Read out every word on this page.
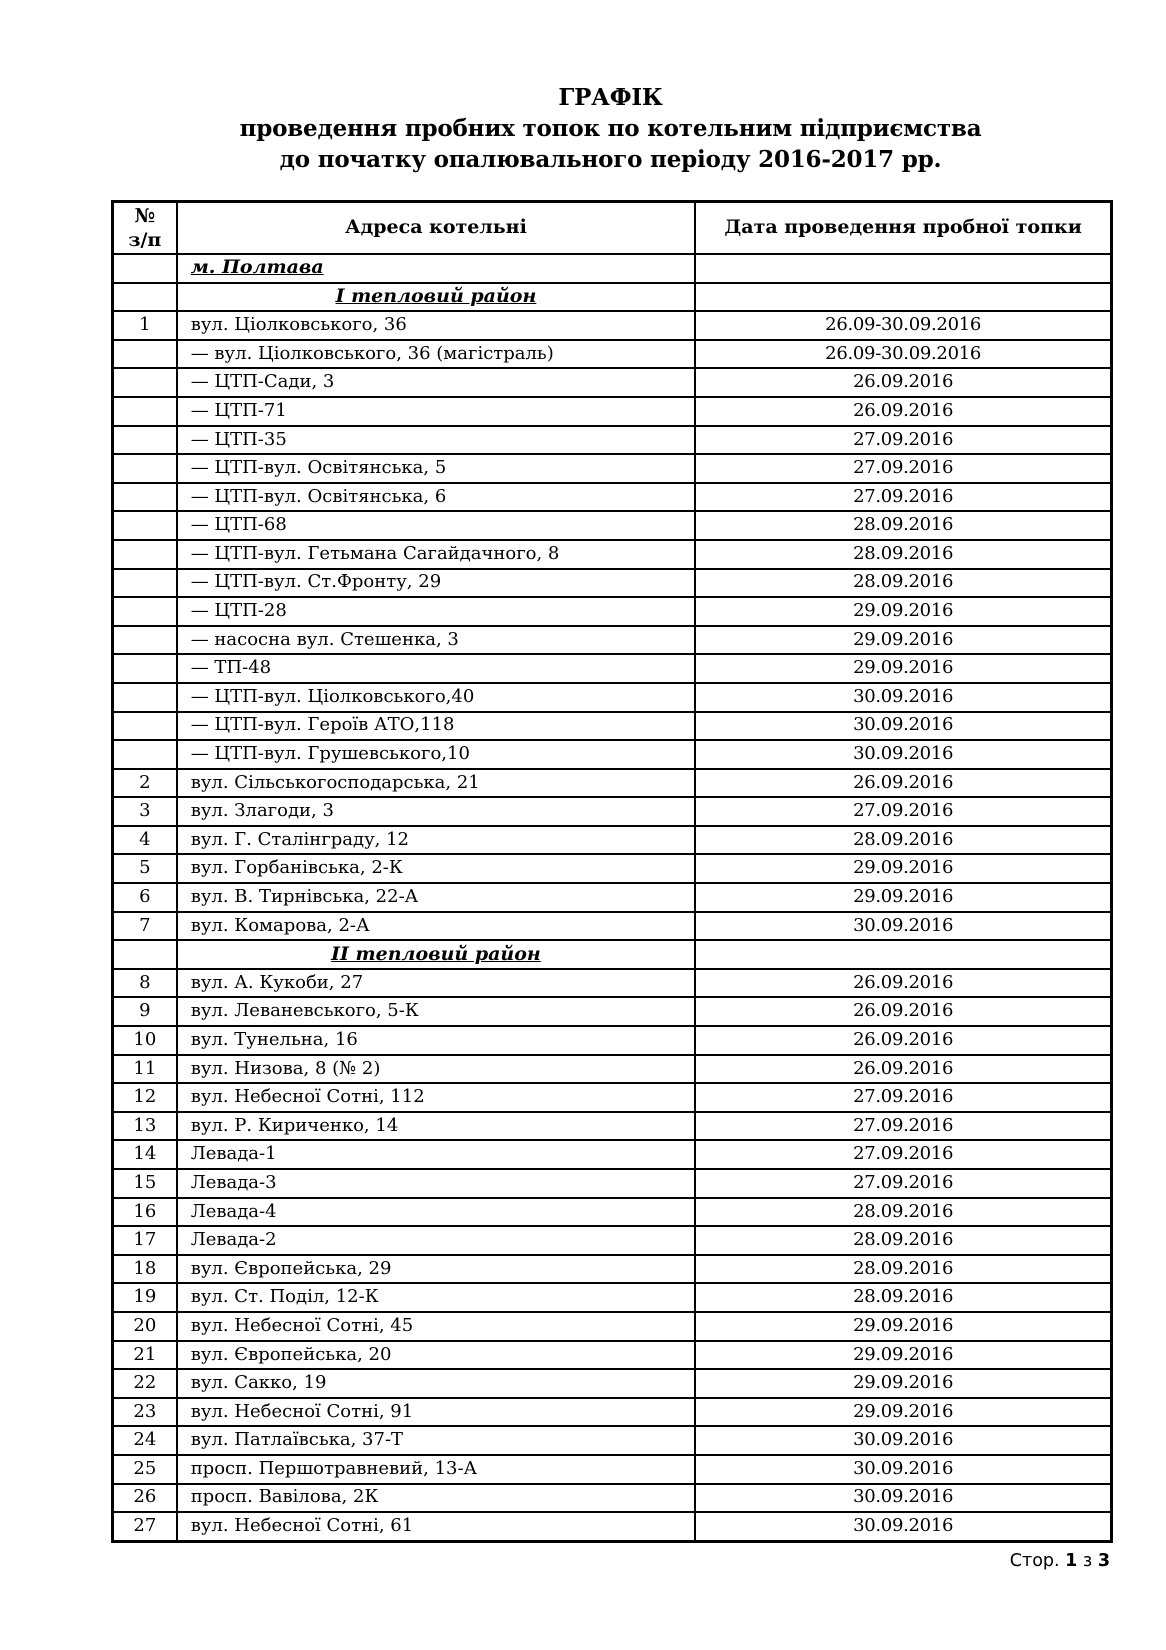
ГРАФІК
проведення пробних топок по котельним підприємства
до початку опалювального періоду 2016-2017 рр.
№
з/п	Адреса котельні	Дата проведення пробної топки
	м. Полтава	
	І тепловий район	
1	вул. Ціолковського, 36	26.09-30.09.2016
	— вул. Ціолковського, 36 (магістраль)	26.09-30.09.2016
	— ЦТП-Сади, 3	26.09.2016
	— ЦТП-71	26.09.2016
	— ЦТП-35	27.09.2016
	— ЦТП-вул. Освітянська, 5	27.09.2016
	— ЦТП-вул. Освітянська, 6	27.09.2016
	— ЦТП-68	28.09.2016
	— ЦТП-вул. Гетьмана Сагайдачного, 8	28.09.2016
	— ЦТП-вул. Ст.Фронту, 29	28.09.2016
	— ЦТП-28	29.09.2016
	— насосна вул. Стешенка, 3	29.09.2016
	— ТП-48	29.09.2016
	— ЦТП-вул. Ціолковського,40	30.09.2016
	— ЦТП-вул. Героїв АТО,118	30.09.2016
	— ЦТП-вул. Грушевського,10	30.09.2016
2	вул. Сільськогосподарська, 21	26.09.2016
3	вул. Злагоди, 3	27.09.2016
4	вул. Г. Сталінграду, 12	28.09.2016
5	вул. Горбанівська, 2-К	29.09.2016
6	вул. В. Тирнівська, 22-А	29.09.2016
7	вул. Комарова, 2-А	30.09.2016
	ІІ тепловий район	
8	вул. А. Кукоби, 27	26.09.2016
9	вул. Леваневського, 5-К	26.09.2016
10	вул. Тунельна, 16	26.09.2016
11	вул. Низова, 8 (№ 2)	26.09.2016
12	вул. Небесної Сотні, 112	27.09.2016
13	вул. Р. Кириченко, 14	27.09.2016
14	Левада-1	27.09.2016
15	Левада-3	27.09.2016
16	Левада-4	28.09.2016
17	Левада-2	28.09.2016
18	вул. Європейська, 29	28.09.2016
19	вул. Ст. Поділ, 12-К	28.09.2016
20	вул. Небесної Сотні, 45	29.09.2016
21	вул. Європейська, 20	29.09.2016
22	вул. Сакко, 19	29.09.2016
23	вул. Небесної Сотні, 91	29.09.2016
24	вул. Патлаївська, 37-Т	30.09.2016
25	просп. Першотравневий, 13-А	30.09.2016
26	просп. Вавілова, 2К	30.09.2016
27	вул. Небесної Сотні, 61	30.09.2016
Стор. 1 з 3
